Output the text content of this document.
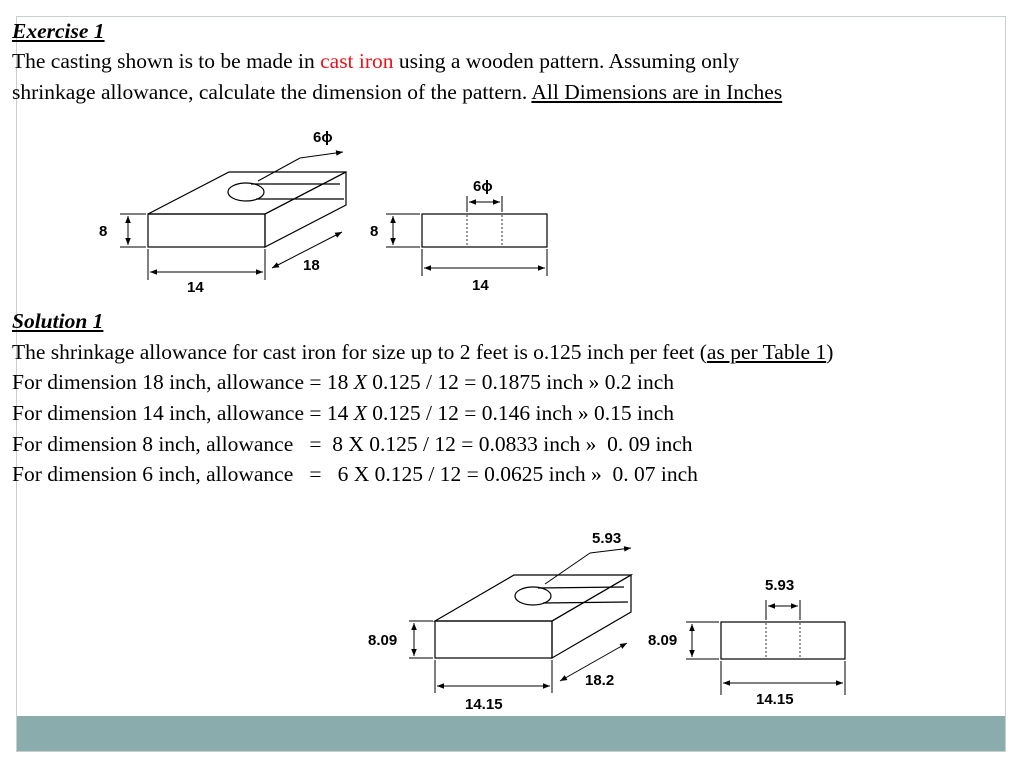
Exercise 1
The casting shown is to be made in cast iron using a wooden pattern. Assuming only
shrinkage allowance, calculate the dimension of the pattern. All Dimensions are in Inches
6ϕ
8
14
18
6ϕ
8
14
5.93
8.09
14.15
18.2
5.93
8.09
14.15
Solution 1
The shrinkage allowance for cast iron for size up to 2 feet is o.125 inch per feet (as per Table 1)
For dimension 18 inch, allowance = 18 X 0.125 / 12 = 0.1875 inch » 0.2 inch
For dimension 14 inch, allowance = 14 X 0.125 / 12 = 0.146 inch » 0.15 inch
For dimension 8 inch, allowance   =  8 X 0.125 / 12 = 0.0833 inch »  0. 09 inch
For dimension 6 inch, allowance   =   6 X 0.125 / 12 = 0.0625 inch »  0. 07 inch
